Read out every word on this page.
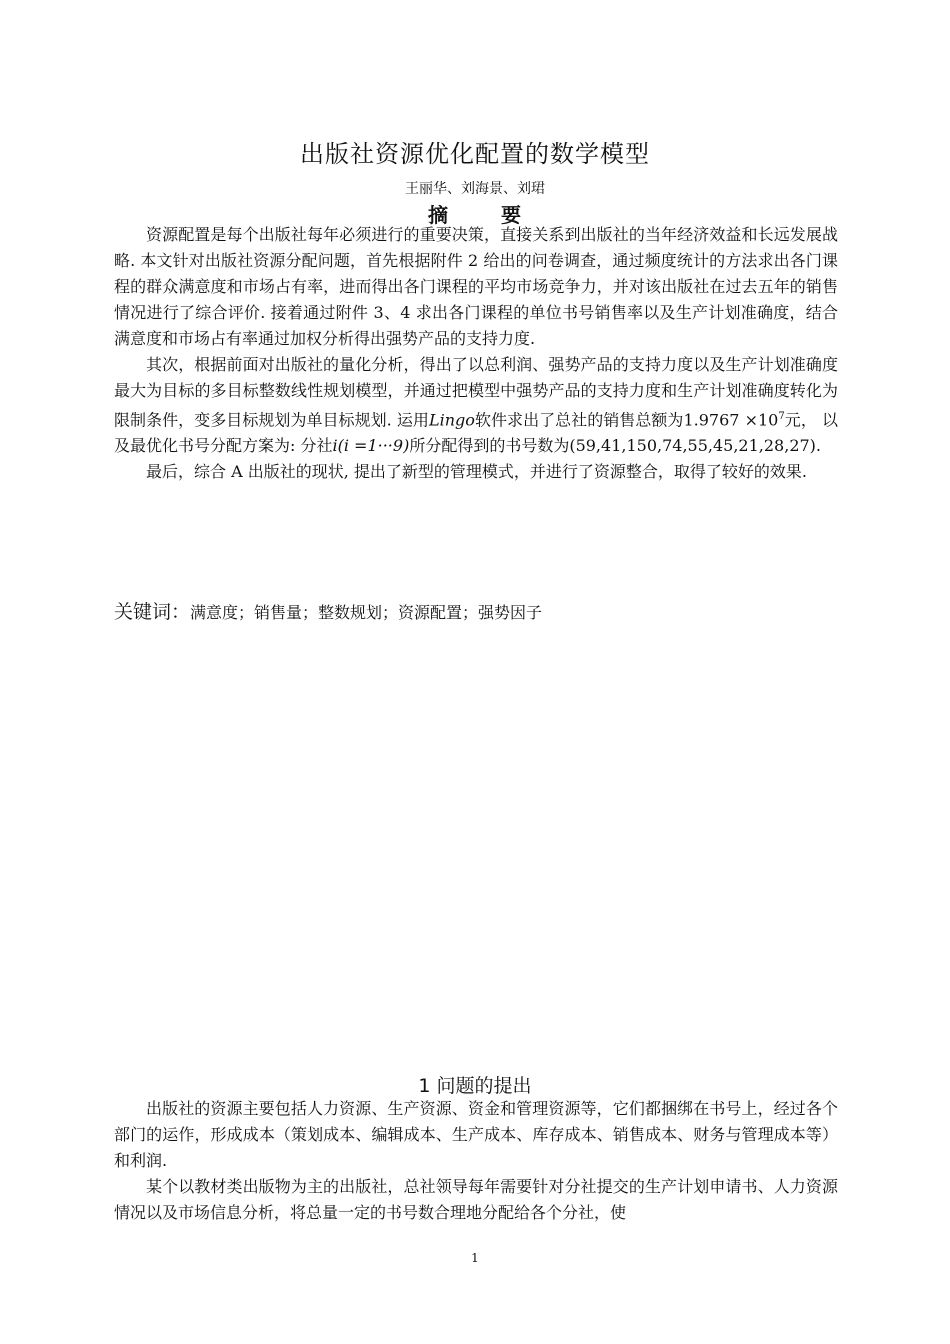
出版社资源优化配置的数学模型
王丽华、刘海景、刘珺
摘	要

资源配置是每个出版社每年必须进行的重要决策，直接关系到出版社的当年经济效益和长远发展战略. 本文针对出版社资源分配问题，首先根据附件 2 给出的问卷调查，通过频度统计的方法求出各门课程的群众满意度和市场占有率，进而得出各门课程的平均市场竞争力，并对该出版社在过去五年的销售情况进行了综合评价. 接着通过附件 3、4 求出各门课程的单位书号销售率以及生产计划准确度，结合满意度和市场占有率通过加权分析得出强势产品的支持力度.

其次，根据前面对出版社的量化分析，得出了以总利润、强势产品的支持力度以及生产计划准确度最大为目标的多目标整数线性规划模型，并通过把模型中强势产品的支持力度和生产计划准确度转化为限制条件，变多目标规划为单目标规划. 运用Lingo软件求出了总社的销售总额为$1.9767 \times 10^7$元， 以及最优化书号分配方案为: 分社i(i =1···9)所分配得到的书号数为(59,41,150,74,55,45,21,28,27).

最后，综合 A 出版社的现状, 提出了新型的管理模式，并进行了资源整合，取得了较好的效果.

关键词：满意度；销售量；整数规划；资源配置；强势因子
1 问题的提出

出版社的资源主要包括人力资源、生产资源、资金和管理资源等，它们都捆绑在书号上，经过各个部门的运作，形成成本（策划成本、编辑成本、生产成本、库存成本、销售成本、财务与管理成本等）和利润.

某个以教材类出版物为主的出版社，总社领导每年需要针对分社提交的生产计划申请书、人力资源情况以及市场信息分析，将总量一定的书号数合理地分配给各个分社，使

1
